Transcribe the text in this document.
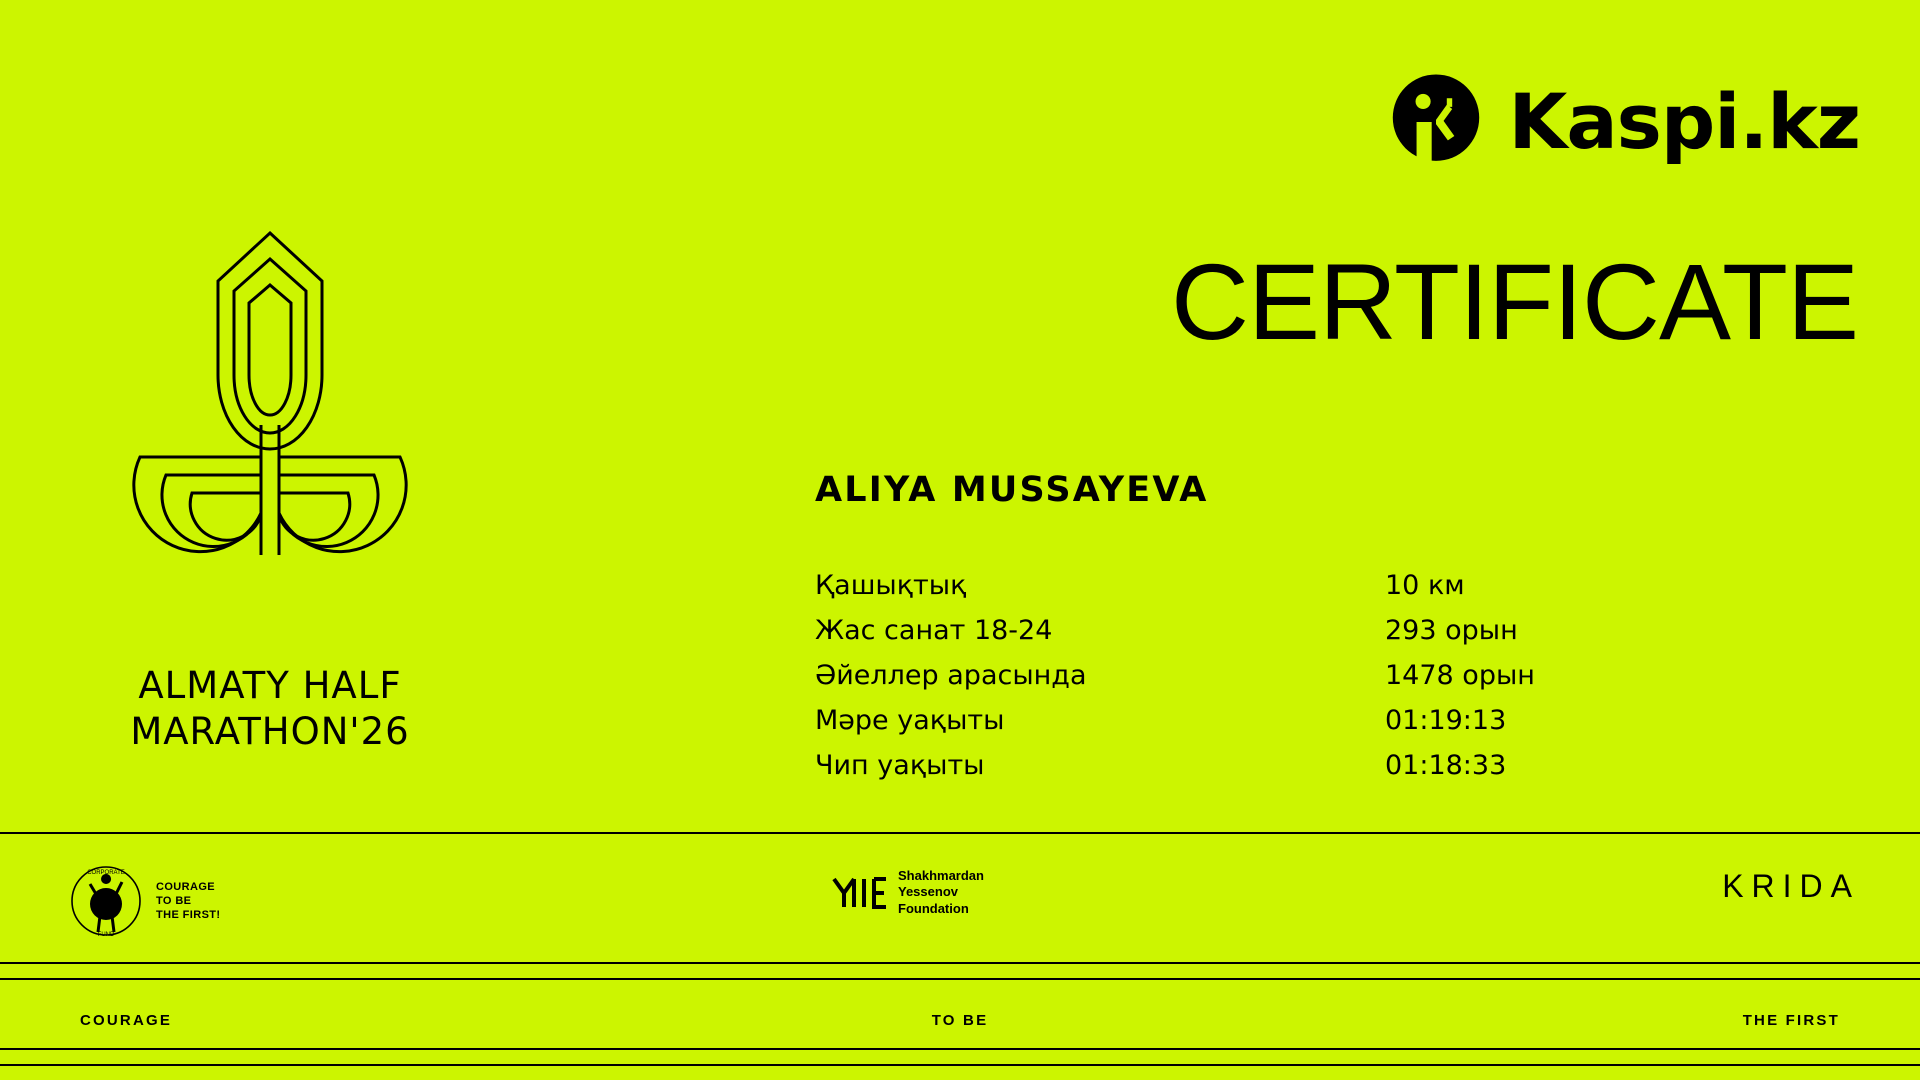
Kaspi.kz
ALMATY HALF
MARATHON'26
CERTIFICATE
ALIYA MUSSAYEVA
Қашықтық	10 км
Жас санат 18-24	293 орын
Әйеллер арасында	1478 орын
Мәре уақыты	01:19:13
Чип уақыты	01:18:33
CORPORATE
FUND
COURAGE
TO BE
THE FIRST!
Shakhmardan
Yessenov
Foundation
KRIDA
COURAGE	TO BE	THE FIRST
